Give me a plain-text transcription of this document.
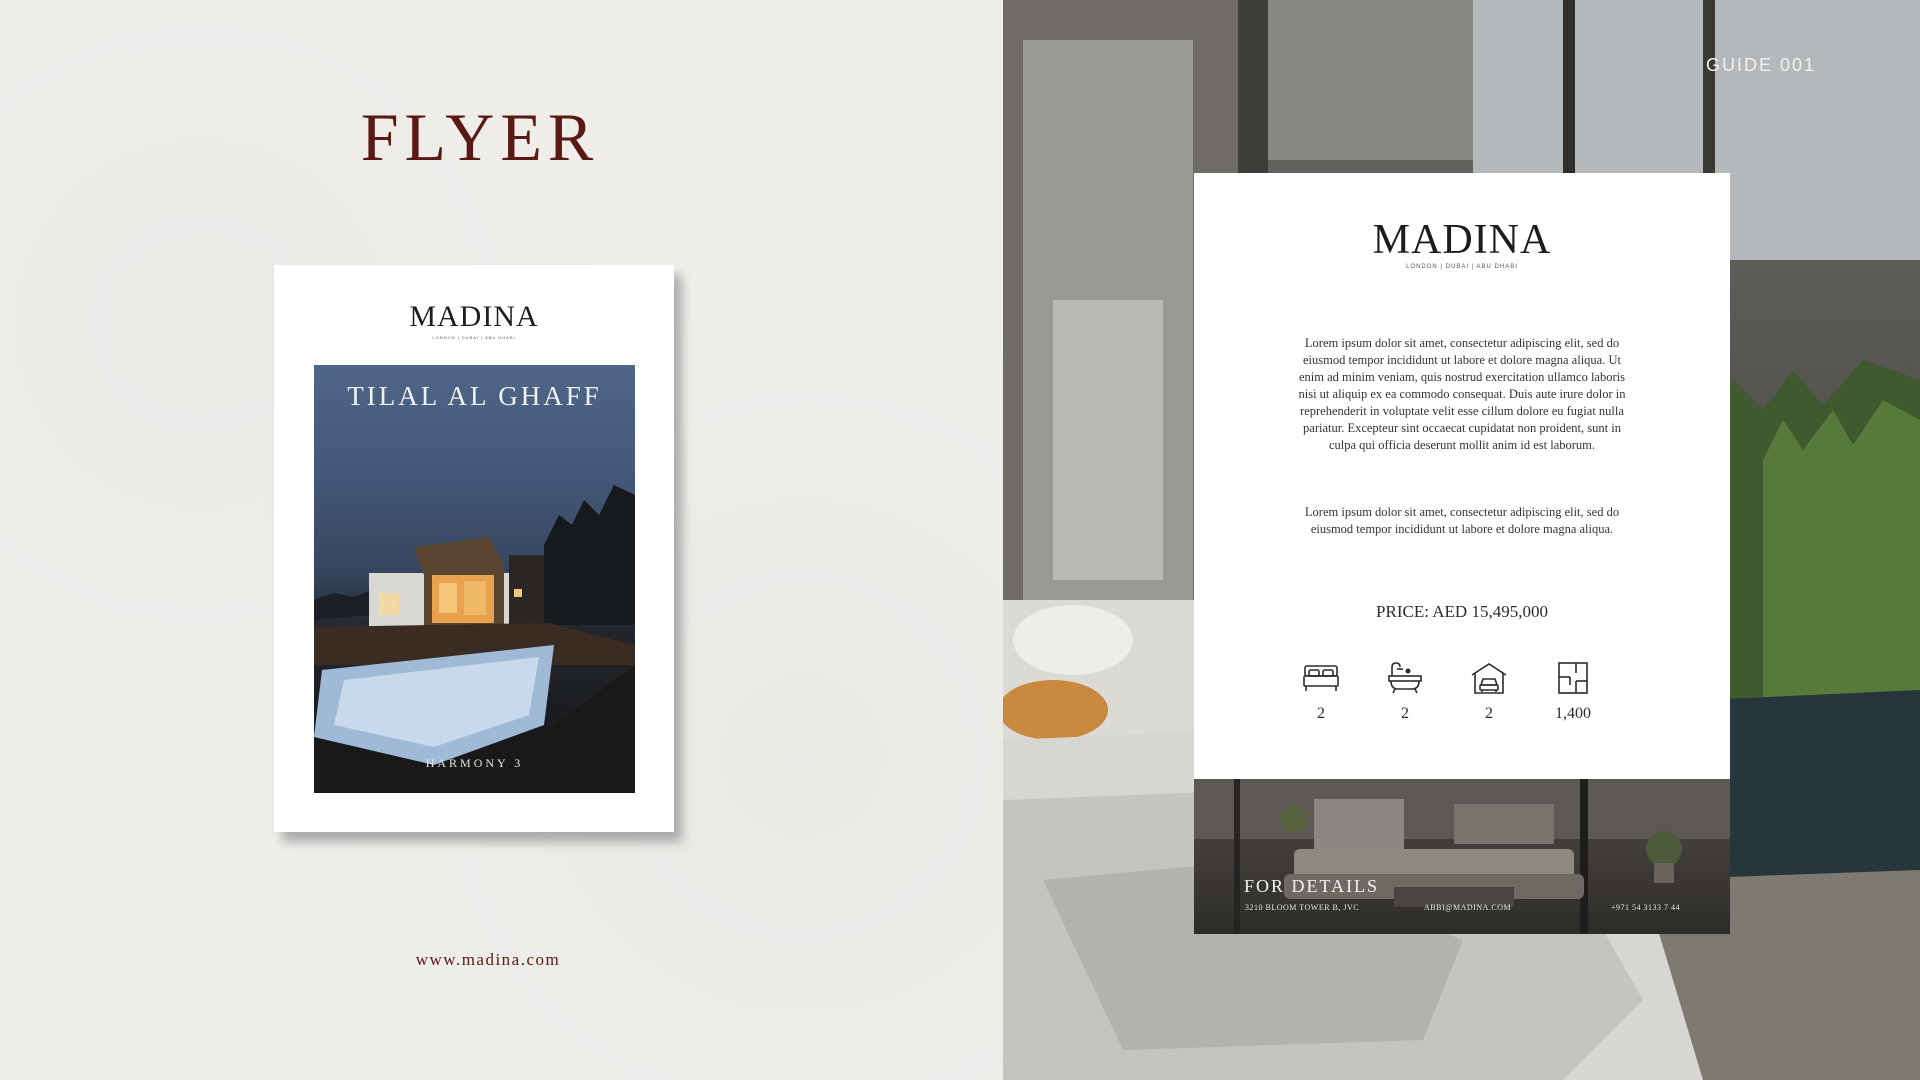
FLYER
MADINA
LONDON | DUBAI | ABU DHABI
TILAL AL GHAFF
HARMONY 3
www.madina.com
GUIDE 001
MADINA
LONDON | DUBAI | ABU DHABI
Lorem ipsum dolor sit amet, consectetur adipiscing elit, sed do eiusmod tempor incididunt ut labore et dolore magna aliqua. Ut enim ad minim veniam, quis nostrud exercitation ullamco laboris nisi ut aliquip ex ea commodo consequat. Duis aute irure dolor in reprehenderit in voluptate velit esse cillum dolore eu fugiat nulla pariatur. Excepteur sint occaecat cupidatat non proident, sunt in culpa qui officia deserunt mollit anim id est laborum.
Lorem ipsum dolor sit amet, consectetur adipiscing elit, sed do eiusmod tempor incididunt ut labore et dolore magna aliqua.
PRICE: AED 15,495,000
2	2	2	1,400
FOR DETAILS
3210 BLOOM TOWER B, JVC	ABBI@MADINA.COM	+971 54 3133 7 44
